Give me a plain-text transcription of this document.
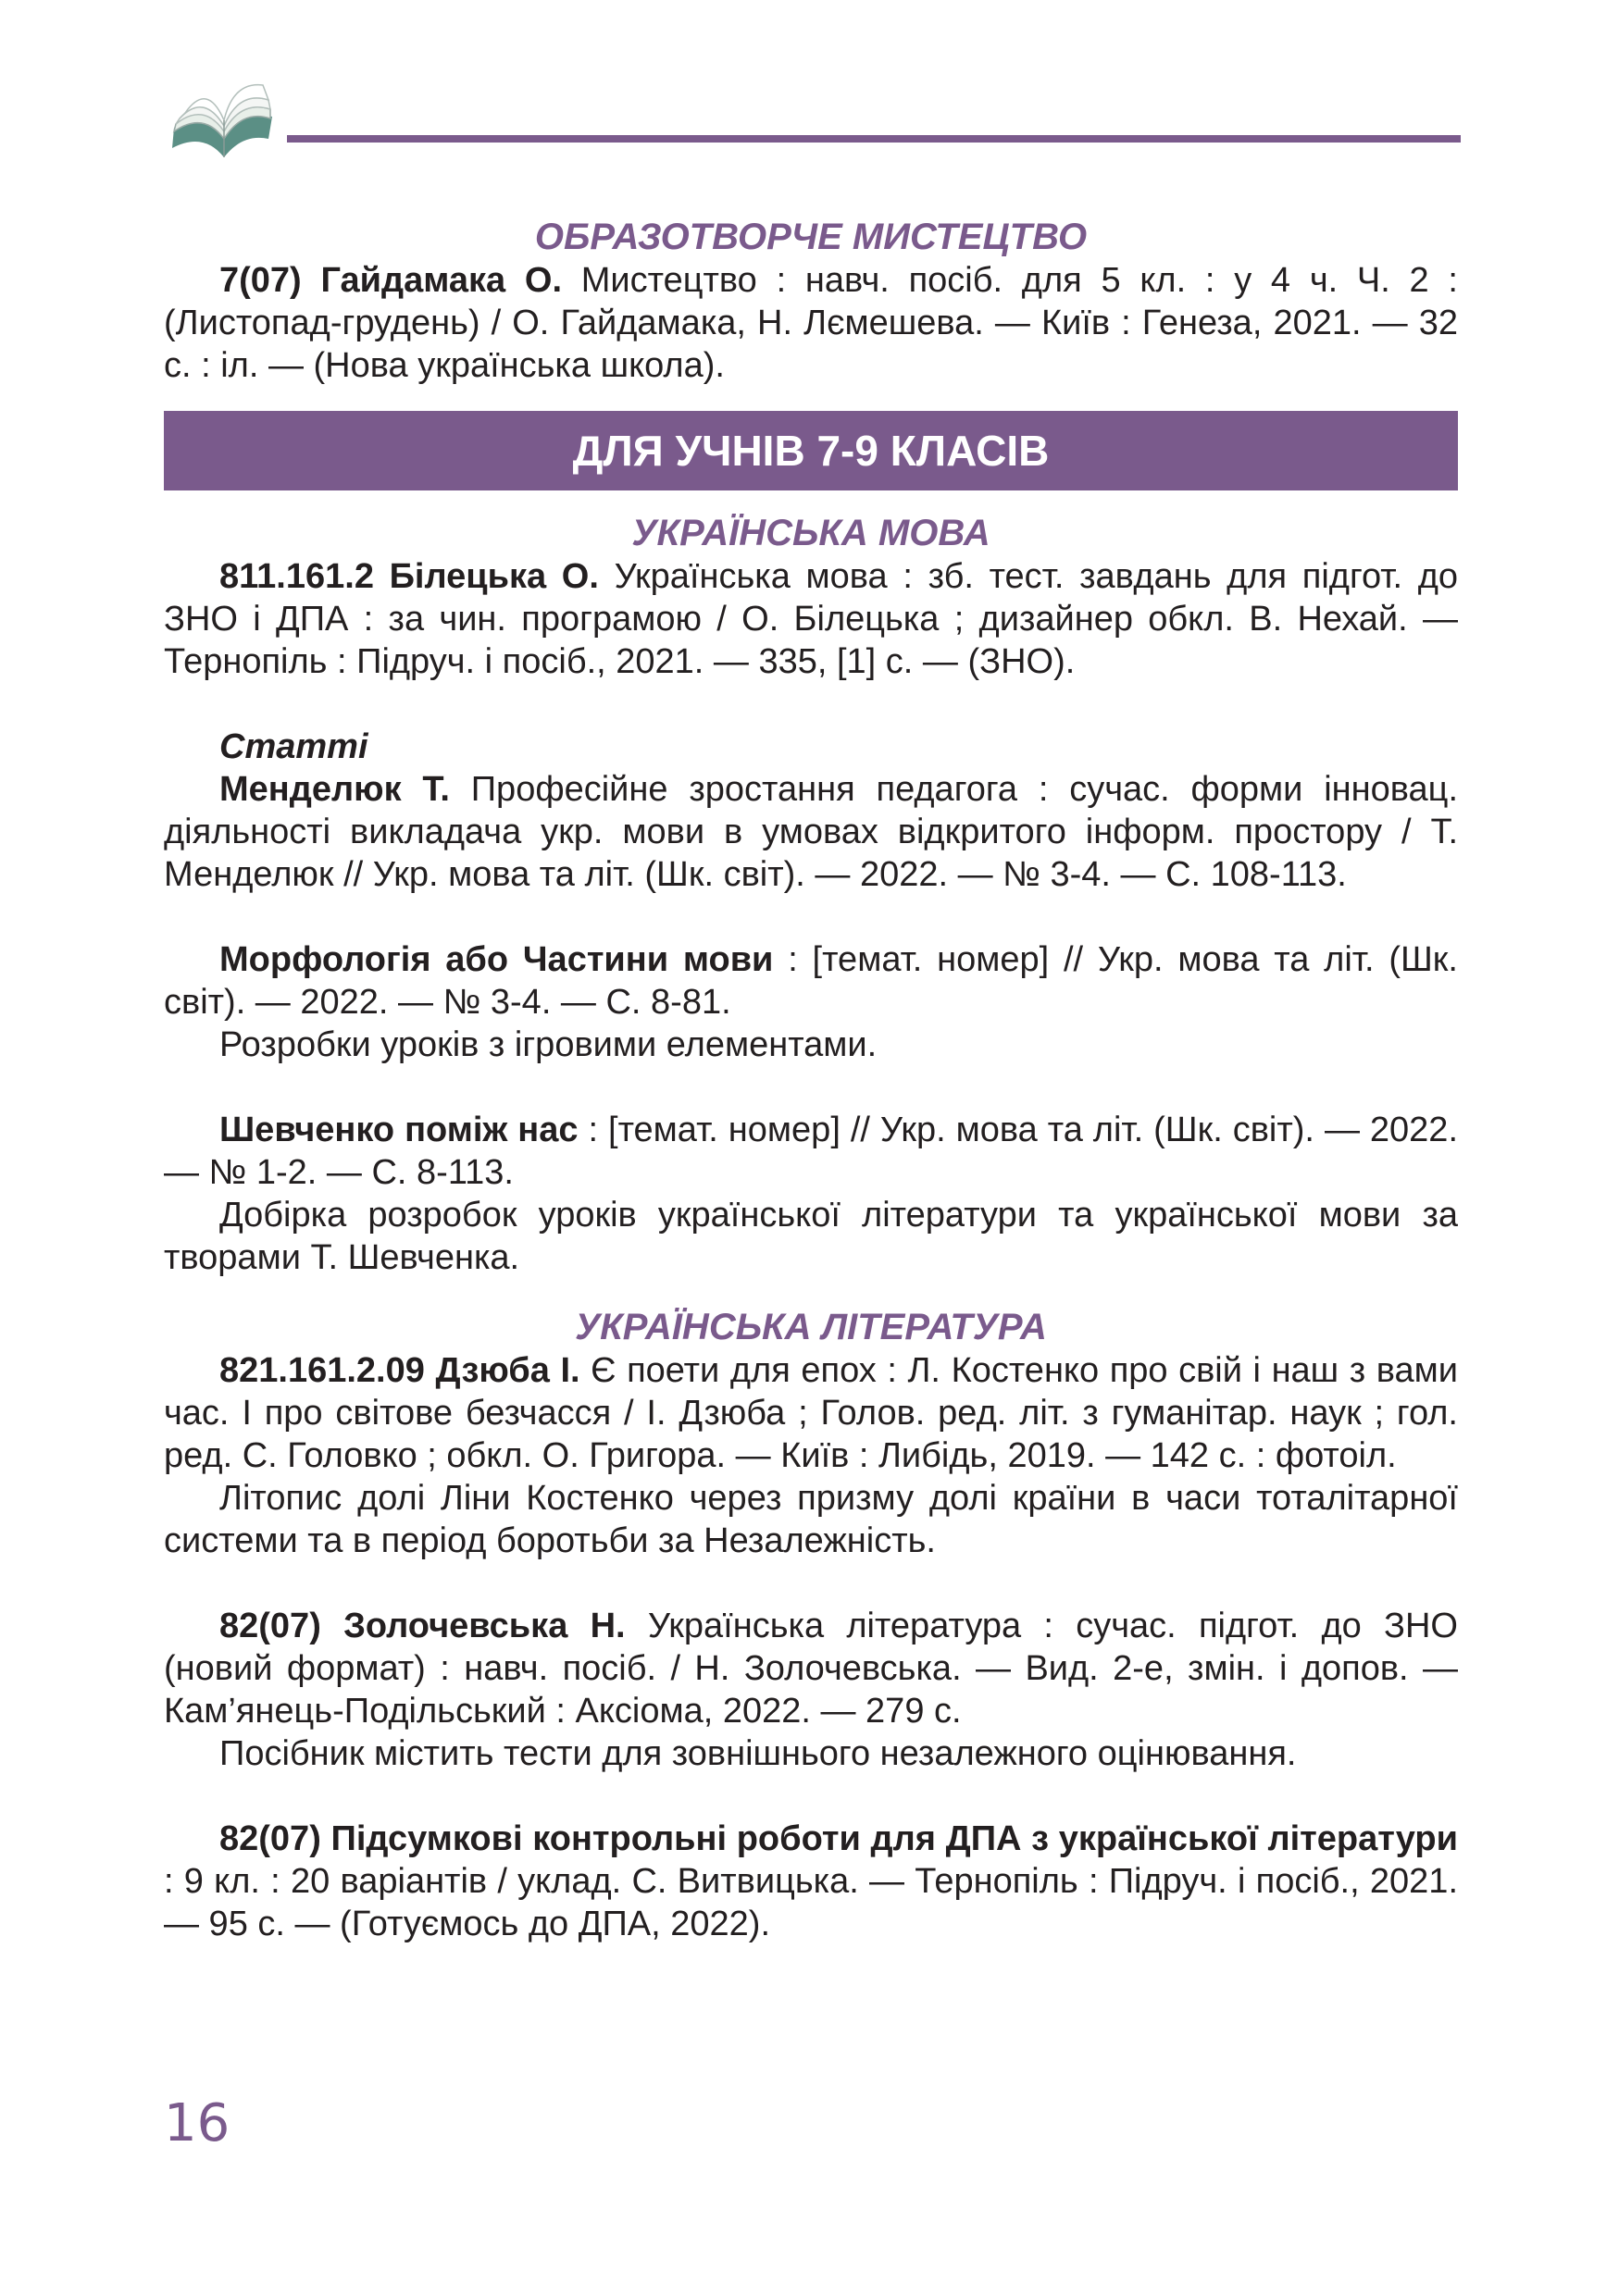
ОБРАЗОТВОРЧЕ МИСТЕЦТВО

7(07) Гайдамака О. Мистецтво : навч. посіб. для 5 кл. : у 4 ч. Ч. 2 : (Листопад-грудень) / О. Гайдамака, Н. Лємешева. — Київ : Генеза, 2021. — 32 с. : іл. — (Нова українська школа).

ДЛЯ УЧНІВ 7-9 КЛАСІВ
УКРАЇНСЬКА МОВА

811.161.2 Білецька О. Українська мова : зб. тест. завдань для підгот. до ЗНО і ДПА : за чин. програмою / О. Білецька ; дизайнер обкл. В. Нехай. — Тернопіль : Підруч. і посіб., 2021. — 335, [1] с. — (ЗНО).

Статті

Менделюк Т. Професійне зростання педагога : сучас. форми інновац. діяльності викладача укр. мови в умовах відкритого інформ. простору / Т. Менделюк // Укр. мова та літ. (Шк. світ). — 2022. — № 3-4. — С. 108-113.

Морфологія або Частини мови : [темат. номер] // Укр. мова та літ. (Шк. світ). — 2022. — № 3-4. — С. 8-81.

Розробки уроків з ігровими елементами.

Шевченко поміж нас : [темат. номер] // Укр. мова та літ. (Шк. світ). — 2022. — № 1-2. — С. 8-113.

Добірка розробок уроків української літератури та української мови за творами Т. Шевченка.

УКРАЇНСЬКА ЛІТЕРАТУРА

821.161.2.09 Дзюба І. Є поети для епох : Л. Костенко про свій і наш з вами час. І про світове безчасся / І. Дзюба ; Голов. ред. літ. з гуманітар. наук ; гол. ред. С. Головко ; обкл. О. Григора. — Київ : Либідь, 2019. — 142 с. : фотоіл.

Літопис долі Ліни Костенко через призму долі країни в часи тоталітарної системи та в період боротьби за Незалежність.

82(07) Золочевська Н. Українська література : сучас. підгот. до ЗНО (новий формат) : навч. посіб. / Н. Золочевська. — Вид. 2-е, змін. і допов. — Кам’янець-Подільський : Аксіома, 2022. — 279 с.

Посібник містить тести для зовнішнього незалежного оцінювання.

82(07) Підсумкові контрольні роботи для ДПА з української літератури : 9 кл. : 20 варіантів / уклад. С. Витвицька. — Тернопіль : Підруч. і посіб., 2021. — 95 с. — (Готуємось до ДПА, 2022).

16
